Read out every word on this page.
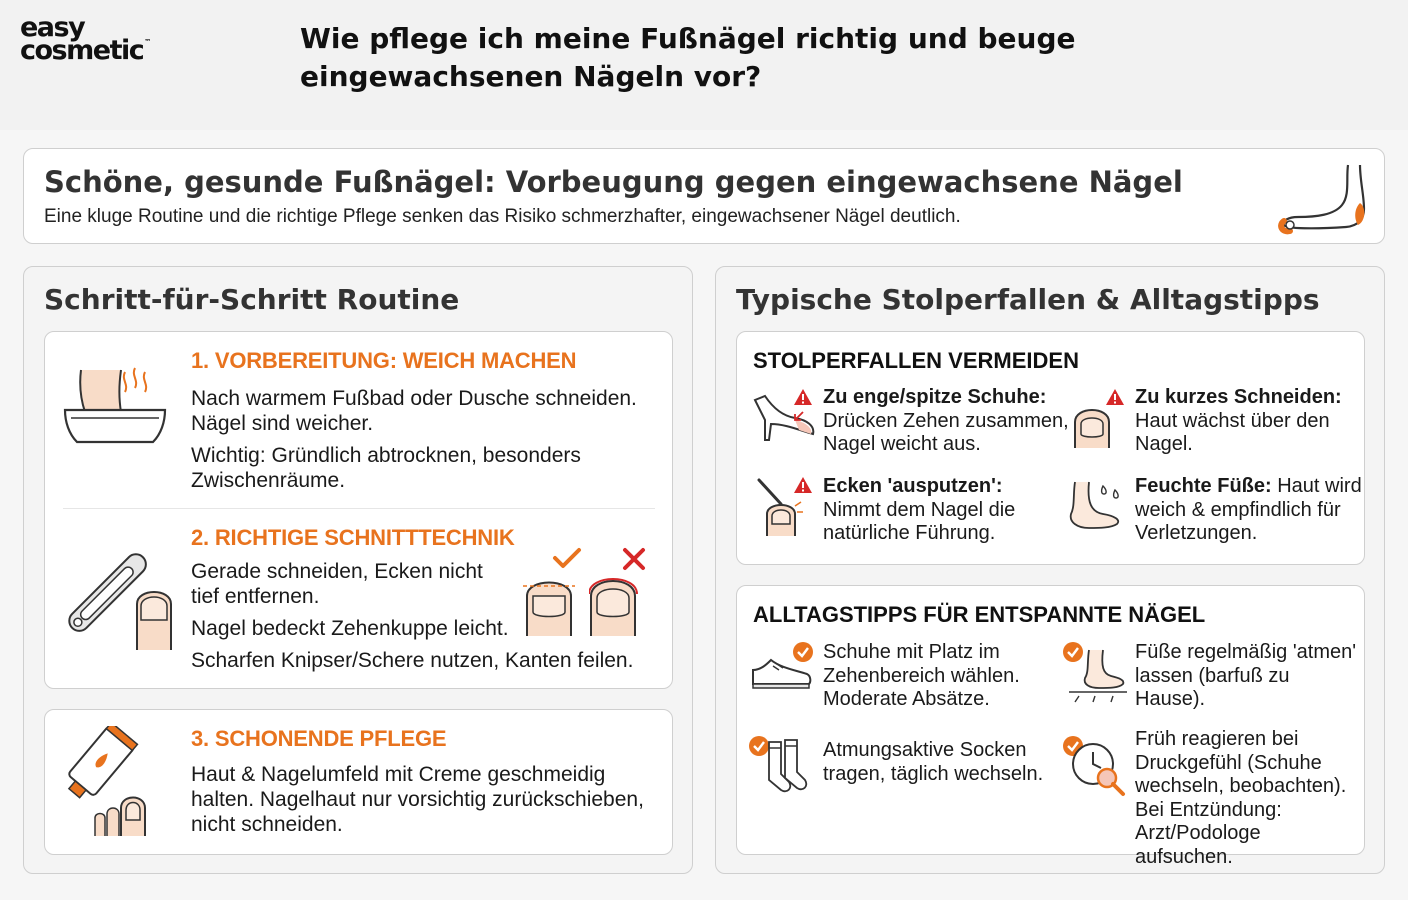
easy
cosmetic™	Wie pflege ich meine Fußnägel richtig und beuge eingewachsenen Nägeln vor?
Schöne, gesunde Fußnägel: Vorbeugung gegen eingewachsene Nägel
Eine kluge Routine und die richtige Pflege senken das Risiko schmerzhafter, eingewachsener Nägel deutlich.
Schritt-für-Schritt Routine
1. VORBEREITUNG: WEICH MACHEN
Nach warmem Fußbad oder Dusche schneiden.
Nägel sind weicher.
Wichtig: Gründlich abtrocknen, besonders
Zwischenräume.
2. RICHTIGE SCHNITTTECHNIK
Gerade schneiden, Ecken nicht
tief entfernen.
Nagel bedeckt Zehenkuppe leicht.
Scharfen Knipser/Schere nutzen, Kanten feilen.
3. SCHONENDE PFLEGE
Haut & Nagelumfeld mit Creme geschmeidig
halten. Nagelhaut nur vorsichtig zurückschieben,
nicht schneiden.
Typische Stolperfallen & Alltagstipps
STOLPERFALLEN VERMEIDEN
Zu enge/spitze Schuhe:
Drücken Zehen zusammen,
Nagel weicht aus.
Zu kurzes Schneiden:
Haut wächst über den
Nagel.
Ecken 'ausputzen':
Nimmt dem Nagel die
natürliche Führung.
Feuchte Füße: Haut wird
weich & empfindlich für
Verletzungen.
ALLTAGSTIPPS FÜR ENTSPANNTE NÄGEL
Schuhe mit Platz im
Zehenbereich wählen.
Moderate Absätze.
Füße regelmäßig 'atmen'
lassen (barfuß zu
Hause).
Atmungsaktive Socken
tragen, täglich wechseln.
Früh reagieren bei
Druckgefühl (Schuhe
wechseln, beobachten).
Bei Entzündung:
Arzt/Podologe aufsuchen.
